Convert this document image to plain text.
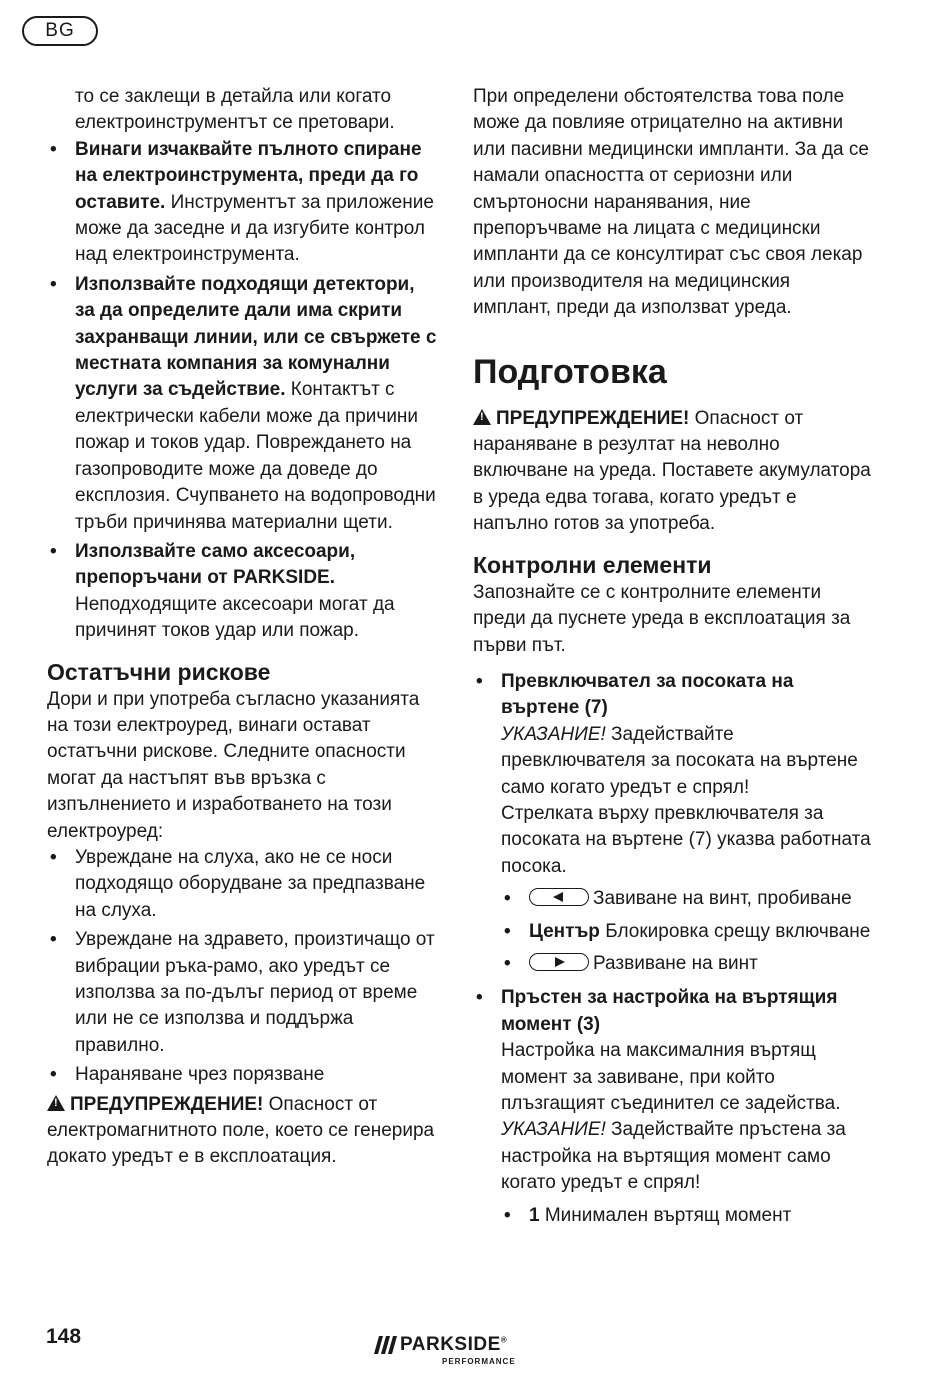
BG

то се заклещи в детайла или когато електроинструментът се претовари.

• Винаги изчаквайте пълното спиране на електроинструмента, преди да го оставите. Инструментът за приложение може да заседне и да изгубите контрол над електроинструмента.
• Използвайте подходящи детектори, за да определите дали има скрити захранващи линии, или се свържете с местната компания за комунални услуги за съдействие. Контактът с електрически кабели може да причини пожар и токов удар. Повреждането на газопроводите може да доведе до експлозия. Счупването на водопроводни тръби причинява материални щети.
• Използвайте само аксесоари, препоръчани от PARKSIDE. Неподходящите аксесоари могат да причинят токов удар или пожар.
Остатъчни рискове

Дори и при употреба съгласно указанията на този електроуред, винаги остават остатъчни рискове. Следните опасности могат да настъпят във връзка с изпълнението и изработването на този електроуред:

• Увреждане на слуха, ако не се носи подходящо оборудване за предпазване на слуха.
• Увреждане на здравето, произтичащо от вибрации ръка-рамо, ако уредът се използва за по-дълъг период от време или не се използва и поддържа правилно.
• Нараняване чрез порязване

!ПРЕДУПРЕЖДЕНИЕ! Опасност от електромагнитното поле, което се генерира докато уредът е в експлоатация.

При определени обстоятелства това поле може да повлияе отрицателно на активни или пасивни медицински импланти. За да се намали опасността от сериозни или смъртоносни наранявания, ние препоръчваме на лицата с медицински импланти да се консултират със своя лекар или производителя на медицинския имплант, преди да използват уреда.

Подготовка

!ПРЕДУПРЕЖДЕНИЕ! Опасност от нараняване в резултат на неволно включване на уреда. Поставете акумулатора в уреда едва тогава, когато уредът е напълно готов за употреба.

Контролни елементи

Запознайте се с контролните елементи преди да пуснете уреда в експлоатация за първи път.

• Превключвател за посоката на въртене (7)
УКАЗАНИЕ! Задействайте превключвателя за посоката на въртене само когато уредът е спрял!
Стрелката върху превключвателя за посоката на въртене (7) указва работната посока.
• Завиване на винт, пробиване
• Център Блокировка срещу включване
• Развиване на винт
• Пръстен за настройка на въртящия момент (3)
Настройка на максималния въртящ момент за завиване, при който плъзгащият съединител се задейства.
УКАЗАНИЕ! Задействайте пръстена за настройка на въртящия момент само когато уредът е спрял!
• 1 Минимален въртящ момент
148	PARKSIDE®
PERFORMANCE
